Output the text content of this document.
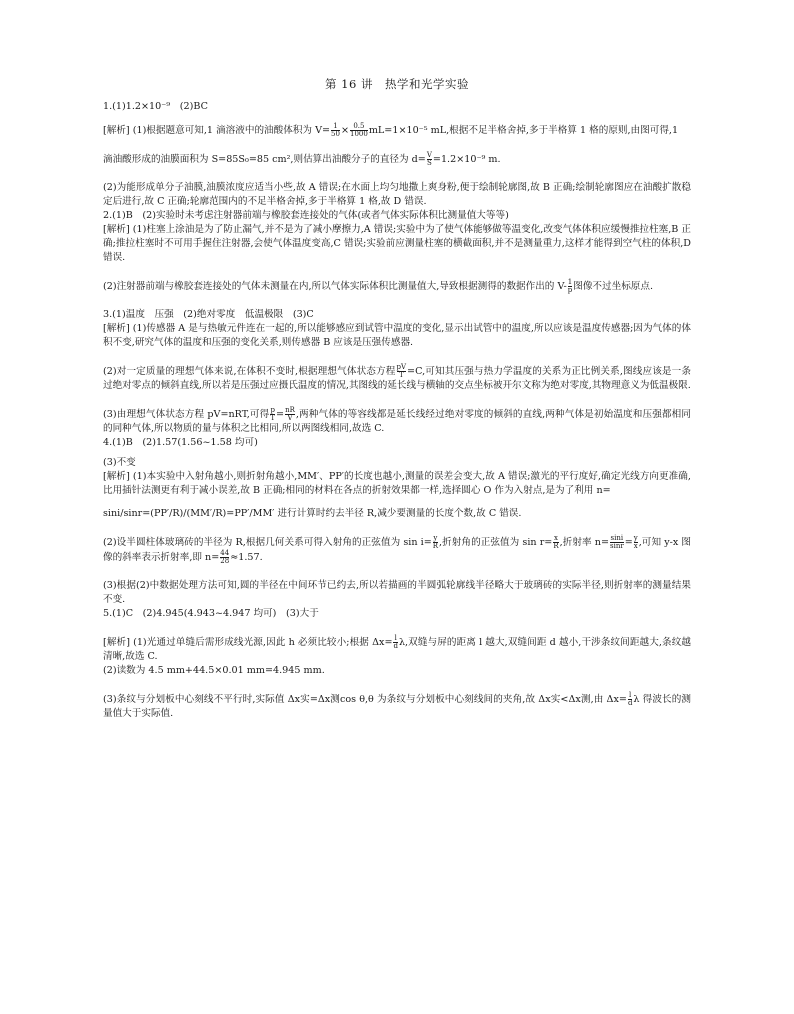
第 16 讲　热学和光学实验

1.(1)1.2×10⁻⁹　(2)BC

[解析] (1)根据题意可知,1 滴溶液中的油酸体积为 $V= \frac{1}{50} \times \frac{0.5}{1000} mL=1\times 10^{-5}$ mL,根据不足半格舍掉,多于半格算 1 格的原则,由图可得,1

滴油酸形成的油膜面积为 S=85S₀=85 cm²,则估算出油酸分子的直径为 $d= \frac{V}{S} =1.2\times 10^{-9}$ m.

(2)为能形成单分子油膜,油膜浓度应适当小些,故 A 错误;在水面上均匀地撒上爽身粉,便于绘制轮廓图,故 B 正确;绘制轮廓图应在油酸扩散稳定后进行,故 C 正确;轮廓范围内的不足半格舍掉,多于半格算 1 格,故 D 错误.

2.(1)B　(2)实验时未考虑注射器前端与橡胶套连接处的气体(或者气体实际体积比测量值大等等)

[解析] (1)柱塞上涂油是为了防止漏气,并不是为了减小摩擦力,A 错误;实验中为了使气体能够做等温变化,改变气体体积应缓慢推拉柱塞,B 正确;推拉柱塞时不可用手握住注射器,会使气体温度变高,C 错误;实验前应测量柱塞的横截面积,并不是测量重力,这样才能得到空气柱的体积,D 错误.

(2)注射器前端与橡胶套连接处的气体未测量在内,所以气体实际体积比测量值大,导致根据测得的数据作出的 $V- \frac{1}{p}$ 图像不过坐标原点.

3.(1)温度　压强　(2)绝对零度　低温极限　(3)C

[解析] (1)传感器 A 是与热敏元件连在一起的,所以能够感应到试管中温度的变化,显示出试管中的温度,所以应该是温度传感器;因为气体的体积不变,研究气体的温度和压强的变化关系,则传感器 B 应该是压强传感器.

(2)对一定质量的理想气体来说,在体积不变时,根据理想气体状态方程 $\frac{pV}{T} =C$,可知其压强与热力学温度的关系为正比例关系,图线应该是一条过绝对零点的倾斜直线,所以若是压强过应摄氏温度的情况,其图线的延长线与横轴的交点坐标被开尔文称为绝对零度,其物理意义为低温极限.

(3)由理想气体状态方程 pV=nRT,可得 $\frac{p}{T} = \frac{nR}{V}$ ,两种气体的等容线都是延长线经过绝对零度的倾斜的直线,两种气体是初始温度和压强都相同的同种气体,所以物质的量与体积之比相同,所以两图线相同,故选 C.

4.(1)B　(2)1.57(1.56~1.58 均可)

(3)不变

[解析] (1)本实验中入射角越小,则折射角越小,MM′、PP′的长度也越小,测量的误差会变大,故 A 错误;激光的平行度好,确定光线方向更准确,比用插针法测更有利于减小误差,故 B 正确;相同的材料在各点的折射效果都一样,选择圆心 O 作为入射点,是为了利用 n=

sini/sinr=(PP′/R)/(MM′/R)=PP′/MM′ 进行计算时约去半径 R,减少要测量的长度个数,故 C 错误.

(2)设半圆柱体玻璃砖的半径为 R,根据几何关系可得入射角的正弦值为 $\sin i= \frac{y}{R}$ ,折射角的正弦值为 $\sin r= \frac{x}{R}$ ,折射率 $n= \frac{\sin i}{\sin r} = \frac{y}{x}$ ,可知 y-x 图像的斜率表示折射率,即 $n= \frac{44}{28} \approx 1.57$.

(3)根据(2)中数据处理方法可知,圆的半径在中间环节已约去,所以若描画的半圆弧轮廓线半径略大于玻璃砖的实际半径,则折射率的测量结果不变.

5.(1)C　(2)4.945(4.943~4.947 均可)　(3)大于

[解析] (1)光通过单缝后需形成线光源,因此 h 必须比较小;根据 $\Delta x= \frac{l}{d} \lambda$,双缝与屏的距离 l 越大,双缝间距 d 越小,干涉条纹间距越大,条纹越清晰,故选 C.

(2)读数为 4.5 mm+44.5×0.01 mm=4.945 mm.

(3)条纹与分划板中心刻线不平行时,实际值 Δx实=Δx测cos θ,θ 为条纹与分划板中心刻线间的夹角,故 Δx实<Δx测,由 $\Delta x= \frac{l}{d}$ λ 得波长的测量值大于实际值.
